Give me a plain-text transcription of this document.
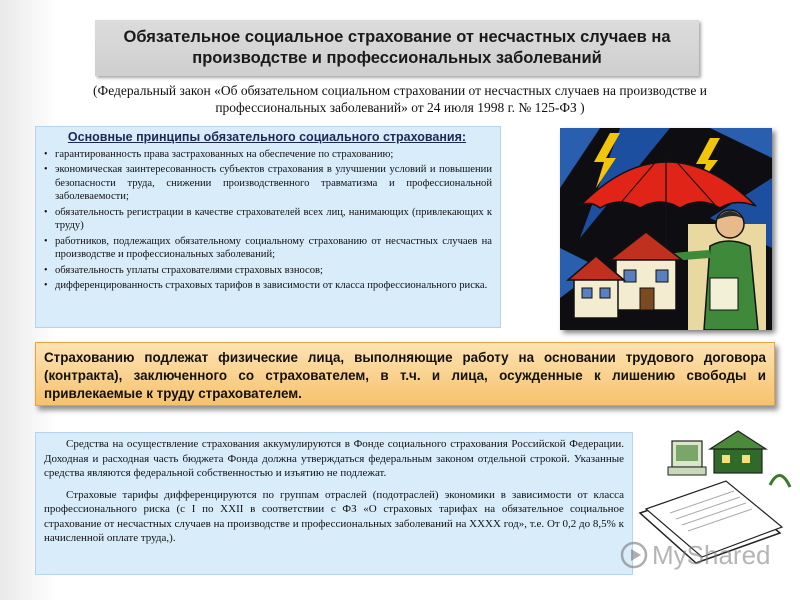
Обязательное социальное страхование от несчастных случаев на производстве и профессиональных заболеваний
(Федеральный закон «Об обязательном социальном страховании от несчастных случаев на производстве и профессиональных заболеваний» от 24 июля 1998 г. № 125-ФЗ )
Основные принципы обязательного социального страхования:
• гарантированность права застрахованных на обеспечение по страхованию;
• экономическая заинтересованность субъектов страхования в улучшении условий и повышении безопасности труда, снижении производственного травматизма и профессиональной заболеваемости;
• обязательность регистрации в качестве страхователей всех лиц, нанимающих (привлекающих к труду)
• работников, подлежащих обязательному социальному страхованию от несчастных случаев на производстве и профессиональных заболеваний;
• обязательность уплаты страхователями страховых взносов;
• дифференцированность страховых тарифов в зависимости от класса профессионального риска.
Страхованию подлежат физические лица, выполняющие работу на основании трудового договора (контракта), заключенного со страхователем, в т.ч. и лица, осужденные к лишению свободы и привлекаемые к труду страхователем.

Средства на осуществление страхования аккумулируются в Фонде социального страхования Российской Федерации. Доходная и расходная часть бюджета Фонда должна утверждаться федеральным законом отдельной строкой. Указанные средства являются федеральной собственностью и изъятию не подлежат.

Страховые тарифы дифференцируются по группам отраслей (подотраслей) экономики в зависимости от класса профессионального риска (с I по XXII в соответствии с ФЗ «О страховых тарифах на обязательное социальное страхование от несчастных случаев на производстве и профессиональных заболеваний на XXXX год», т.е. От 0,2 до 8,5% к начисленной оплате труда,).

MyShared
